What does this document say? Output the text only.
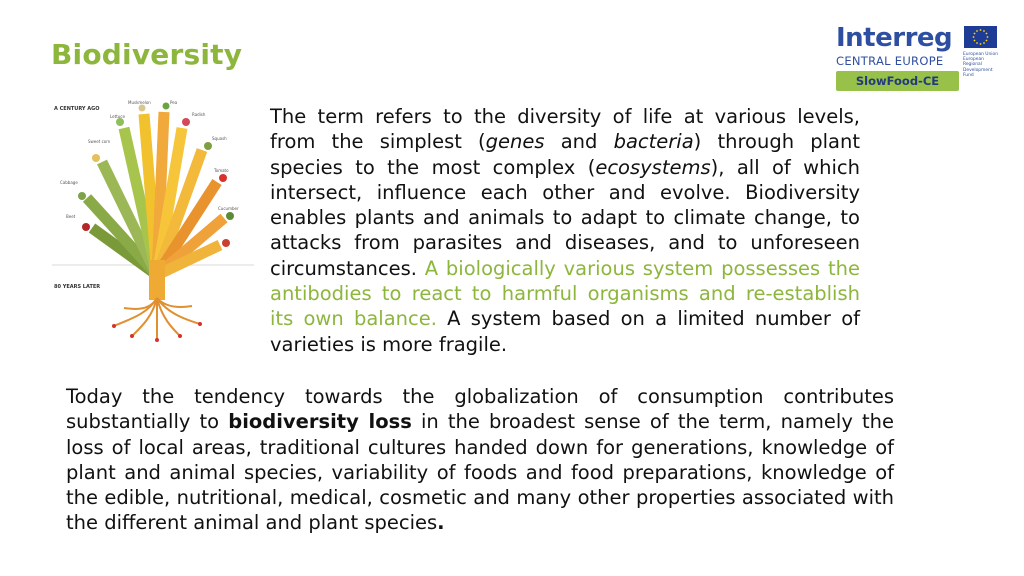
Biodiversity	Interreg
European Union European Regional Development Fund
CENTRAL EUROPE
SlowFood-CE
A CENTURY AGO
80 YEARS LATER
Sweet corn
Lettuce
Muskmelon	Pea
Radish
Squash
Cabbage
Tomato
Beet
Cucumber

The term refers to the diversity of life at various levels, from the simplest (genes and bacteria) through plant species to the most complex (ecosystems), all of which intersect, influence each other and evolve. Biodiversity enables plants and animals to adapt to climate change, to attacks from parasites and diseases, and to unforeseen circumstances. A biologically various system possesses the antibodies to react to harmful organisms and re-establish its own balance. A system based on a limited number of varieties is more fragile.

Today the tendency towards the globalization of consumption contributes substantially to biodiversity loss in the broadest sense of the term, namely the loss of local areas, traditional cultures handed down for generations, knowledge of plant and animal species, variability of foods and food preparations, knowledge of the edible, nutritional, medical, cosmetic and many other properties associated with the different animal and plant species.
